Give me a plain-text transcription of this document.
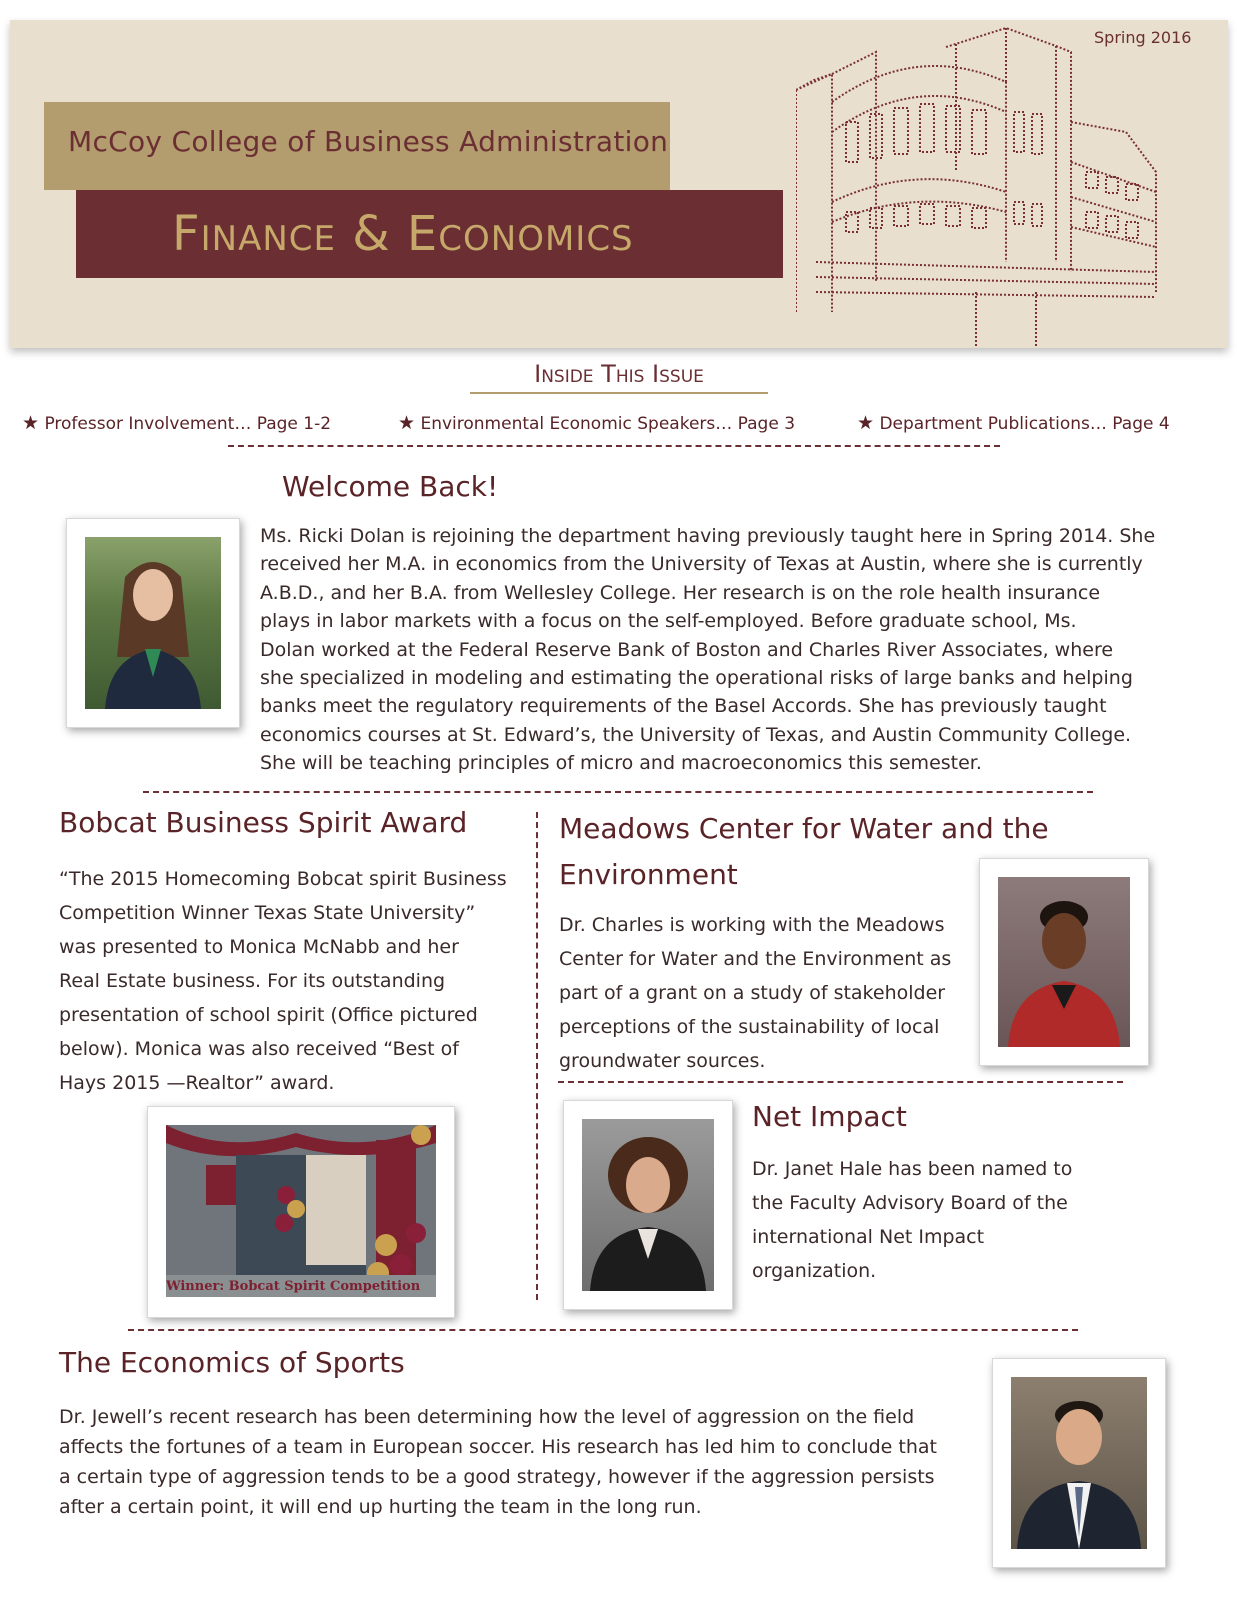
Spring 2016
McCoy College of Business Administration
Finance & Economics
Inside This Issue
★ Professor Involvement… Page 1-2	★ Environmental Economic Speakers… Page 3	★ Department Publications… Page 4
Welcome Back!
Ms. Ricki Dolan is rejoining the department having previously taught here in Spring 2014. She
received her M.A. in economics from the University of Texas at Austin, where she is currently
A.B.D., and her B.A. from Wellesley College. Her research is on the role health insurance
plays in labor markets with a focus on the self-employed. Before graduate school, Ms.
Dolan worked at the Federal Reserve Bank of Boston and Charles River Associates, where
she specialized in modeling and estimating the operational risks of large banks and helping
banks meet the regulatory requirements of the Basel Accords. She has previously taught
economics courses at St. Edward’s, the University of Texas, and Austin Community College.
She will be teaching principles of micro and macroeconomics this semester.
Bobcat Business Spirit Award
“The 2015 Homecoming Bobcat spirit Business
Competition Winner Texas State University”
was presented to Monica McNabb and her
Real Estate business. For its outstanding
presentation of school spirit (Office pictured
below). Monica was also received “Best of
Hays 2015 —Realtor” award.
Winner: Bobcat Spirit Competition
Meadows Center for Water and the
Environment
Dr. Charles is working with the Meadows
Center for Water and the Environment as
part of a grant on a study of stakeholder
perceptions of the sustainability of local
groundwater sources.
Net Impact
Dr. Janet Hale has been named to
the Faculty Advisory Board of the
international Net Impact
organization.
The Economics of Sports
Dr. Jewell’s recent research has been determining how the level of aggression on the field
affects the fortunes of a team in European soccer. His research has led him to conclude that
a certain type of aggression tends to be a good strategy, however if the aggression persists
after a certain point, it will end up hurting the team in the long run.
